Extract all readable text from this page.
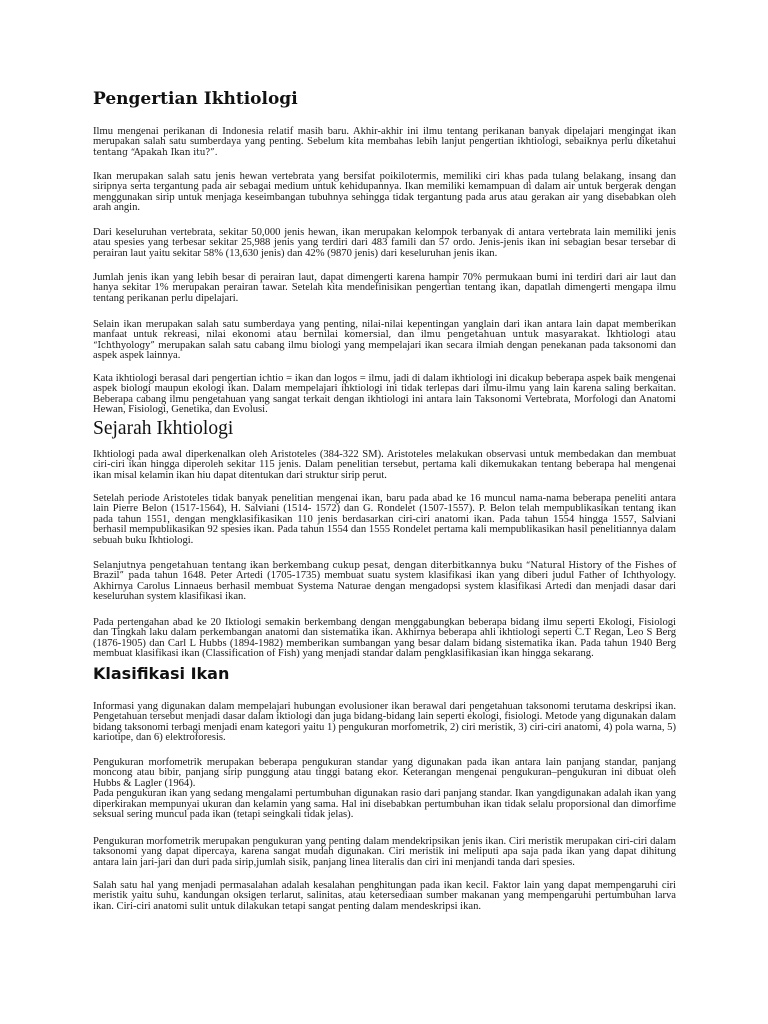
Pengertian Ikhtiologi

Ilmu mengenai perikanan di Indonesia relatif masih baru. Akhir-akhir ini ilmu tentang perikanan banyak dipelajari mengingat ikan merupakan salah satu sumberdaya yang penting. Sebelum kita membahas lebih lanjut pengertian ikhtiologi, sebaiknya perlu diketahui tentang “Apakah Ikan itu?”.

Ikan merupakan salah satu jenis hewan vertebrata yang bersifat poikilotermis, memiliki ciri khas pada tulang belakang, insang dan siripnya serta tergantung pada air sebagai medium untuk kehidupannya. Ikan memiliki kemampuan di dalam air untuk bergerak dengan menggunakan sirip untuk menjaga keseimbangan tubuhnya sehingga tidak tergantung pada arus atau gerakan air yang disebabkan oleh arah angin.

Dari keseluruhan vertebrata, sekitar 50,000 jenis hewan, ikan merupakan kelompok terbanyak di antara vertebrata lain memiliki jenis atau spesies yang terbesar sekitar 25,988 jenis yang terdiri dari 483 famili dan 57 ordo. Jenis-jenis ikan ini sebagian besar tersebar di perairan laut yaitu sekitar 58% (13,630 jenis) dan 42% (9870 jenis) dari keseluruhan jenis ikan.

Jumlah jenis ikan yang lebih besar di perairan laut, dapat dimengerti karena hampir 70% permukaan bumi ini terdiri dari air laut dan hanya sekitar 1% merupakan perairan tawar. Setelah kita mendefinisikan pengertian tentang ikan, dapatlah dimengerti mengapa ilmu tentang perikanan perlu dipelajari.

Selain ikan merupakan salah satu sumberdaya yang penting, nilai-nilai kepentingan yanglain dari ikan antara lain dapat memberikan manfaat untuk rekreasi, nilai ekonomi atau bernilai komersial, dan ilmu pengetahuan untuk masyarakat. Ikhtiologi atau “Ichthyology” merupakan salah satu cabang ilmu biologi yang mempelajari ikan secara ilmiah dengan penekanan pada taksonomi dan aspek aspek lainnya.

Kata ikhtiologi berasal dari pengertian ichtio = ikan dan logos = ilmu, jadi di dalam ikhtiologi ini dicakup beberapa aspek baik mengenai aspek biologi maupun ekologi ikan. Dalam mempelajari ihktiologi ini tidak terlepas dari ilmu-ilmu yang lain karena saling berkaitan. Beberapa cabang ilmu pengetahuan yang sangat terkait dengan ikhtiologi ini antara lain Taksonomi Vertebrata, Morfologi dan Anatomi Hewan, Fisiologi, Genetika, dan Evolusi.

Sejarah Ikhtiologi

Ikhtiologi pada awal diperkenalkan oleh Aristoteles (384-322 SM). Aristoteles melakukan observasi untuk membedakan dan membuat ciri-ciri ikan hingga diperoleh sekitar 115 jenis. Dalam penelitian tersebut, pertama kali dikemukakan tentang beberapa hal mengenai ikan misal kelamin ikan hiu dapat ditentukan dari struktur sirip perut.

Setelah periode Aristoteles tidak banyak penelitian mengenai ikan, baru pada abad ke 16 muncul nama-nama beberapa peneliti antara lain Pierre Belon (1517-1564), H. Salviani (1514- 1572) dan G. Rondelet (1507-1557). P. Belon telah mempublikasikan tentang ikan pada tahun 1551, dengan mengklasifikasikan 110 jenis berdasarkan ciri-ciri anatomi ikan. Pada tahun 1554 hingga 1557, Salviani berhasil mempublikasikan 92 spesies ikan. Pada tahun 1554 dan 1555 Rondelet pertama kali mempublikasikan hasil penelitiannya dalam sebuah buku Ikhtiologi.

Selanjutnya pengetahuan tentang ikan berkembang cukup pesat, dengan diterbitkannya buku “Natural History of the Fishes of Brazil” pada tahun 1648. Peter Artedi (1705-1735) membuat suatu system klasifikasi ikan yang diberi judul Father of Ichthyology. Akhirnya Carolus Linnaeus berhasil membuat Systema Naturae dengan mengadopsi system klasifikasi Artedi dan menjadi dasar dari keseluruhan system klasifikasi ikan.

Pada pertengahan abad ke 20 Iktiologi semakin berkembang dengan menggabungkan beberapa bidang ilmu seperti Ekologi, Fisiologi dan Tingkah laku dalam perkembangan anatomi dan sistematika ikan. Akhirnya beberapa ahli ikhtiologi seperti C.T Regan, Leo S Berg (1876-1905) dan Carl L Hubbs (1894-1982) memberikan sumbangan yang besar dalam bidang sistematika ikan. Pada tahun 1940 Berg membuat klasifikasi ikan (Classification of Fish) yang menjadi standar dalam pengklasifikasian ikan hingga sekarang.

Klasifikasi Ikan

Informasi yang digunakan dalam mempelajari hubungan evolusioner ikan berawal dari pengetahuan taksonomi terutama deskripsi ikan. Pengetahuan tersebut menjadi dasar dalam iktiologi dan juga bidang-bidang lain seperti ekologi, fisiologi. Metode yang digunakan dalam bidang taksonomi terbagi menjadi enam kategori yaitu 1) pengukuran morfometrik, 2) ciri meristik, 3) ciri-ciri anatomi, 4) pola warna, 5) kariotipe, dan 6) elektroforesis.

Pengukuran morfometrik merupakan beberapa pengukuran standar yang digunakan pada ikan antara lain panjang standar, panjang moncong atau bibir, panjang sirip punggung atau tinggi batang ekor. Keterangan mengenai pengukuran–pengukuran ini dibuat oleh Hubbs & Lagler (1964).
Pada pengukuran ikan yang sedang mengalami pertumbuhan digunakan rasio dari panjang standar. Ikan yangdigunakan adalah ikan yang diperkirakan mempunyai ukuran dan kelamin yang sama. Hal ini disebabkan pertumbuhan ikan tidak selalu proporsional dan dimorfime seksual sering muncul pada ikan (tetapi seingkali tidak jelas).

Pengukuran morfometrik merupakan pengukuran yang penting dalam mendekripsikan jenis ikan. Ciri meristik merupakan ciri-ciri dalam taksonomi yang dapat dipercaya, karena sangat mudah digunakan. Ciri meristik ini meliputi apa saja pada ikan yang dapat dihitung antara lain jari-jari dan duri pada sirip,jumlah sisik, panjang linea literalis dan ciri ini menjandi tanda dari spesies.

Salah satu hal yang menjadi permasalahan adalah kesalahan penghitungan pada ikan kecil. Faktor lain yang dapat mempengaruhi ciri meristik yaitu suhu, kandungan oksigen terlarut, salinitas, atau ketersediaan sumber makanan yang mempengaruhi pertumbuhan larva ikan. Ciri-ciri anatomi sulit untuk dilakukan tetapi sangat penting dalam mendeskripsi ikan.
